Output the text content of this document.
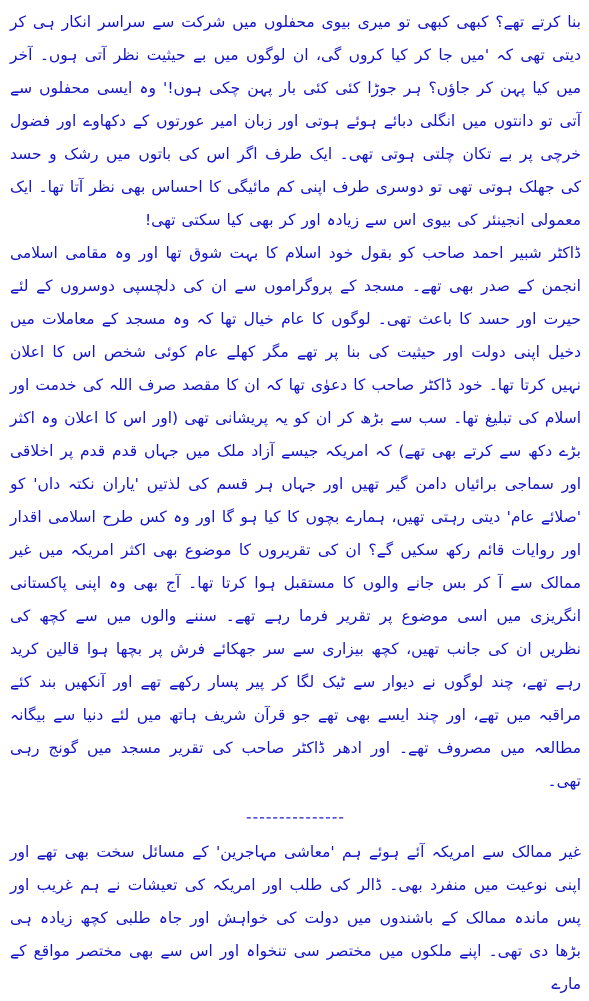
بنا کرتے تھے؟ کبھی کبھی تو میری بیوی محفلوں میں شرکت سے سراسر انکار ہی کر دیتی تھی کہ 'میں جا کر کیا کروں گی، ان لوگوں میں بے حیثیت نظر آتی ہوں۔ آخر میں کیا پہن کر جاؤں؟ ہر جوڑا کئی کئی بار پہن چکی ہوں!' وہ ایسی محفلوں سے آتی تو دانتوں میں انگلی دبائے ہوئے ہوتی اور زبان امیر عورتوں کے دکھاوے اور فضول خرچی پر بے تکان چلتی ہوتی تھی۔ ایک طرف اگر اس کی باتوں میں رشک و حسد کی جھلک ہوتی تھی تو دوسری طرف اپنی کم مائیگی کا احساس بھی نظر آتا تھا۔ ایک معمولی انجینئر کی بیوی اس سے زیادہ اور کر بھی کیا سکتی تھی!

ڈاکٹر شبیر احمد صاحب کو بقول خود اسلام کا بہت شوق تھا اور وہ مقامی اسلامی انجمن کے صدر بھی تھے۔ مسجد کے پروگراموں سے ان کی دلچسپی دوسروں کے لئے حیرت اور حسد کا باعث تھی۔ لوگوں کا عام خیال تھا کہ وہ مسجد کے معاملات میں دخیل اپنی دولت اور حیثیت کی بنا پر تھے مگر کھلے عام کوئی شخص اس کا اعلان نہیں کرتا تھا۔ خود ڈاکٹر صاحب کا دعوٰی تھا کہ ان کا مقصد صرف اللہ کی خدمت اور اسلام کی تبلیغ تھا۔ سب سے بڑھ کر ان کو یہ پریشانی تھی (اور اس کا اعلان وہ اکثر بڑے دکھ سے کرتے بھی تھے) کہ امریکہ جیسے آزاد ملک میں جہاں قدم قدم پر اخلاقی اور سماجی برائیاں دامن گیر تھیں اور جہاں ہر قسم کی لذتیں 'یاران نکتہ داں' کو 'صلائے عام' دیتی رہتی تھیں، ہمارے بچوں کا کیا ہو گا اور وہ کس طرح اسلامی اقدار اور روایات قائم رکھ سکیں گے؟ ان کی تقریروں کا موضوع بھی اکثر امریکہ میں غیر ممالک سے آ کر بس جانے والوں کا مستقبل ہوا کرتا تھا۔ آج بھی وہ اپنی پاکستانی انگریزی میں اسی موضوع پر تقریر فرما رہے تھے۔ سننے والوں میں سے کچھ کی نظریں ان کی جانب تھیں، کچھ بیزاری سے سر جھکائے فرش پر بچھا ہوا قالین کرید رہے تھے، چند لوگوں نے دیوار سے ٹیک لگا کر پیر پسار رکھے تھے اور آنکھیں بند کئے مراقبہ میں تھے، اور چند ایسے بھی تھے جو قرآن شریف ہاتھ میں لئے دنیا سے بیگانہ مطالعہ میں مصروف تھے۔ اور ادھر ڈاکٹر صاحب کی تقریر مسجد میں گونج رہی تھی۔

---------------

غیر ممالک سے امریکہ آئے ہوئے ہم 'معاشی مہاجرین' کے مسائل سخت بھی تھے اور اپنی نوعیت میں منفرد بھی۔ ڈالر کی طلب اور امریکہ کی تعیشات نے ہم غریب اور پس ماندہ ممالک کے باشندوں میں دولت کی خواہش اور جاہ طلبی کچھ زیادہ ہی بڑھا دی تھی۔ اپنے ملکوں میں مختصر سی تنخواہ اور اس سے بھی مختصر مواقع کے مارے
